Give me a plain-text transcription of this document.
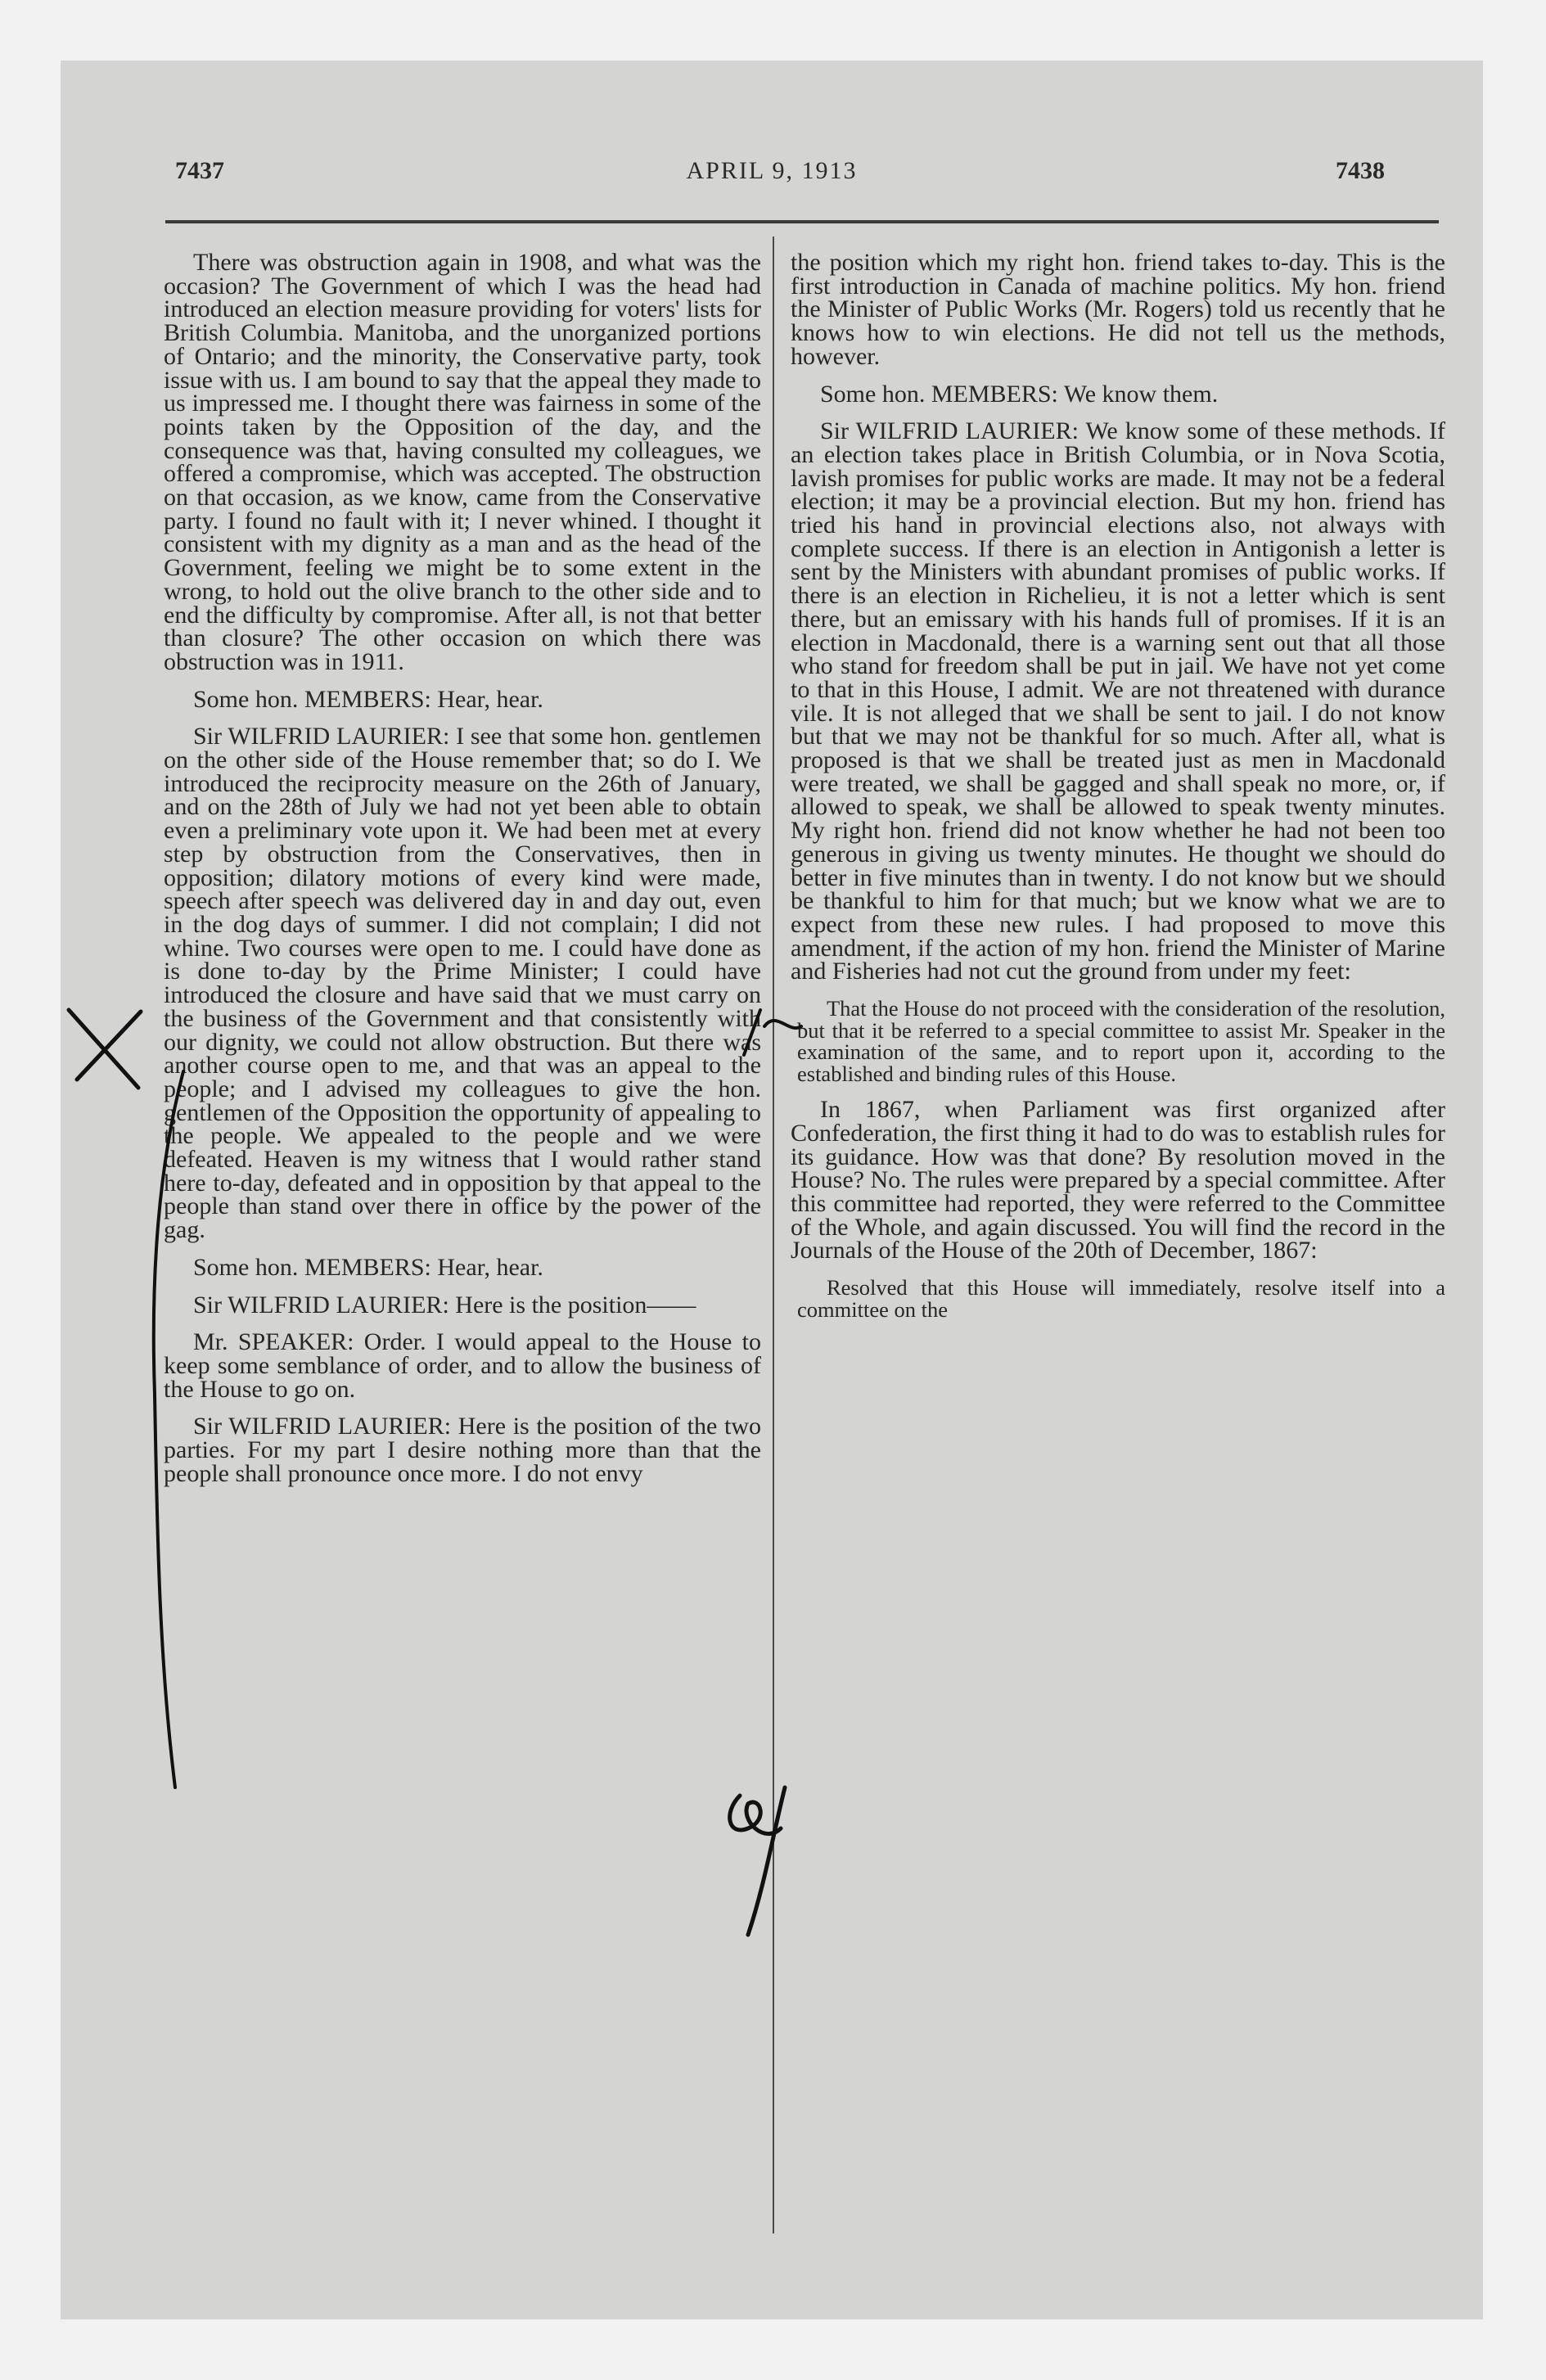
7437	APRIL 9, 1913	7438

There was obstruction again in 1908, and what was the occasion? The Government of which I was the head had introduced an election measure providing for voters' lists for British Columbia. Manitoba, and the unorganized portions of Ontario; and the minority, the Conservative party, took issue with us. I am bound to say that the appeal they made to us impressed me. I thought there was fairness in some of the points taken by the Opposition of the day, and the consequence was that, having consulted my colleagues, we offered a compromise, which was accepted. The obstruction on that occasion, as we know, came from the Conservative party. I found no fault with it; I never whined. I thought it consistent with my dignity as a man and as the head of the Government, feeling we might be to some extent in the wrong, to hold out the olive branch to the other side and to end the difficulty by compromise. After all, is not that better than closure? The other occasion on which there was obstruction was in 1911.

Some hon. MEMBERS: Hear, hear.

Sir WILFRID LAURIER: I see that some hon. gentlemen on the other side of the House remember that; so do I. We introduced the reciprocity measure on the 26th of January, and on the 28th of July we had not yet been able to obtain even a preliminary vote upon it. We had been met at every step by obstruction from the Conservatives, then in opposition; dilatory motions of every kind were made, speech after speech was delivered day in and day out, even in the dog days of summer. I did not complain; I did not whine. Two courses were open to me. I could have done as is done to-day by the Prime Minister; I could have introduced the closure and have said that we must carry on the business of the Government and that consistently with our dignity, we could not allow obstruction. But there was another course open to me, and that was an appeal to the people; and I advised my colleagues to give the hon. gentlemen of the Opposition the opportunity of appealing to the people. We appealed to the people and we were defeated. Heaven is my witness that I would rather stand here to-day, defeated and in opposition by that appeal to the people than stand over there in office by the power of the gag.

Some hon. MEMBERS: Hear, hear.

Sir WILFRID LAURIER: Here is the position——

Mr. SPEAKER: Order. I would appeal to the House to keep some semblance of order, and to allow the business of the House to go on.

Sir WILFRID LAURIER: Here is the position of the two parties. For my part I desire nothing more than that the people shall pronounce once more. I do not envy

the position which my right hon. friend takes to-day. This is the first introduction in Canada of machine politics. My hon. friend the Minister of Public Works (Mr. Rogers) told us recently that he knows how to win elections. He did not tell us the methods, however.

Some hon. MEMBERS: We know them.

Sir WILFRID LAURIER: We know some of these methods. If an election takes place in British Columbia, or in Nova Scotia, lavish promises for public works are made. It may not be a federal election; it may be a provincial election. But my hon. friend has tried his hand in provincial elections also, not always with complete success. If there is an election in Antigonish a letter is sent by the Ministers with abundant promises of public works. If there is an election in Richelieu, it is not a letter which is sent there, but an emissary with his hands full of promises. If it is an election in Macdonald, there is a warning sent out that all those who stand for freedom shall be put in jail. We have not yet come to that in this House, I admit. We are not threatened with durance vile. It is not alleged that we shall be sent to jail. I do not know but that we may not be thankful for so much. After all, what is proposed is that we shall be treated just as men in Macdonald were treated, we shall be gagged and shall speak no more, or, if allowed to speak, we shall be allowed to speak twenty minutes. My right hon. friend did not know whether he had not been too generous in giving us twenty minutes. He thought we should do better in five minutes than in twenty. I do not know but we should be thankful to him for that much; but we know what we are to expect from these new rules. I had proposed to move this amendment, if the action of my hon. friend the Minister of Marine and Fisheries had not cut the ground from under my feet:

That the House do not proceed with the consideration of the resolution, but that it be referred to a special committee to assist Mr. Speaker in the examination of the same, and to report upon it, according to the established and binding rules of this House.

In 1867, when Parliament was first organized after Confederation, the first thing it had to do was to establish rules for its guidance. How was that done? By resolution moved in the House? No. The rules were prepared by a special committee. After this committee had reported, they were referred to the Committee of the Whole, and again discussed. You will find the record in the Journals of the House of the 20th of December, 1867:

Resolved that this House will immediately, resolve itself into a committee on the
